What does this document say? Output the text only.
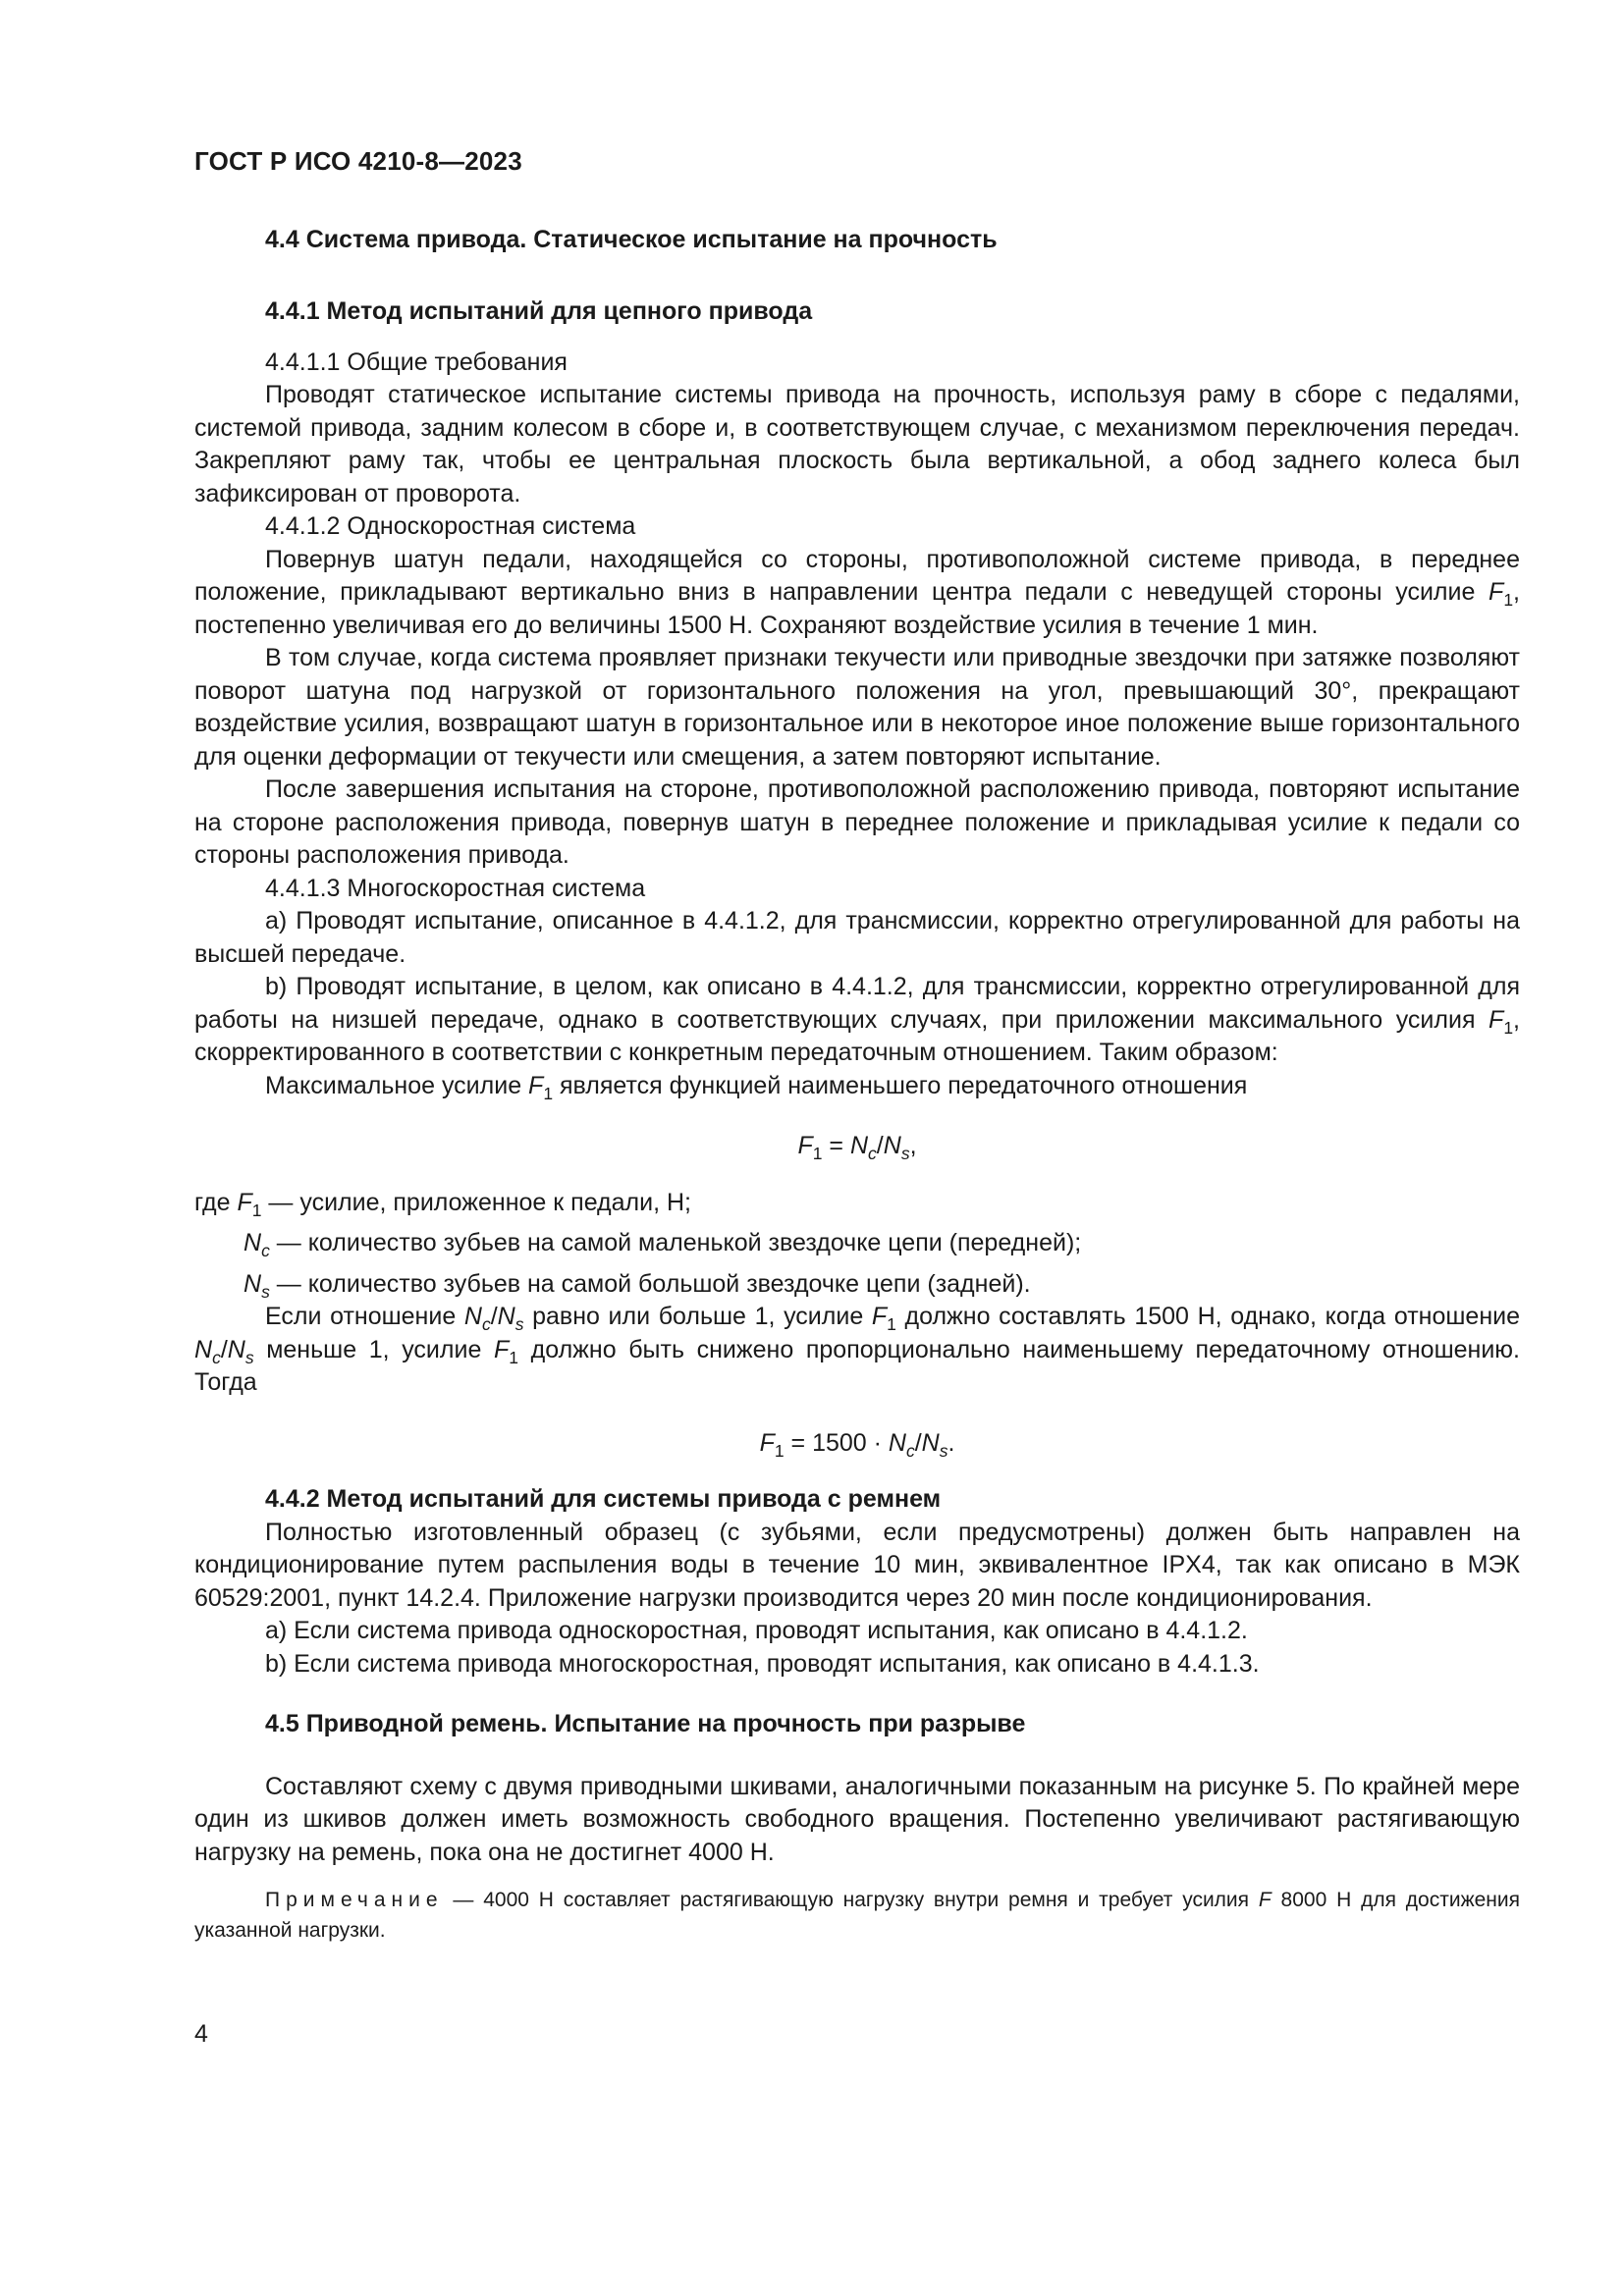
ГОСТ Р ИСО 4210-8—2023
4.4 Система привода. Статическое испытание на прочность
4.4.1 Метод испытаний для цепного привода

4.4.1.1 Общие требования

Проводят статическое испытание системы привода на прочность, используя раму в сборе с педалями, системой привода, задним колесом в сборе и, в соответствующем случае, с механизмом переключения передач. Закрепляют раму так, чтобы ее центральная плоскость была вертикальной, а обод заднего колеса был зафиксирован от проворота.

4.4.1.2 Односкоростная система

Повернув шатун педали, находящейся со стороны, противоположной системе привода, в переднее положение, прикладывают вертикально вниз в направлении центра педали с неведущей стороны усилие $F_1$, постепенно увеличивая его до величины 1500 Н. Сохраняют воздействие усилия в течение 1 мин.

В том случае, когда система проявляет признаки текучести или приводные звездочки при затяжке позволяют поворот шатуна под нагрузкой от горизонтального положения на угол, превышающий 30°, прекращают воздействие усилия, возвращают шатун в горизонтальное или в некоторое иное положение выше горизонтального для оценки деформации от текучести или смещения, а затем повторяют испытание.

После завершения испытания на стороне, противоположной расположению привода, повторяют испытание на стороне расположения привода, повернув шатун в переднее положение и прикладывая усилие к педали со стороны расположения привода.

4.4.1.3 Многоскоростная система

a) Проводят испытание, описанное в 4.4.1.2, для трансмиссии, корректно отрегулированной для работы на высшей передаче.

b) Проводят испытание, в целом, как описано в 4.4.1.2, для трансмиссии, корректно отрегулированной для работы на низшей передаче, однако в соответствующих случаях, при приложении максимального усилия $F_1$, скорректированного в соответствии с конкретным передаточным отношением. Таким образом:

Максимальное усилие $F_1$ является функцией наименьшего передаточного отношения

$F_1 = N_c/N_s$,

где $F_1$ — усилие, приложенное к педали, Н;

$N_c$ — количество зубьев на самой маленькой звездочке цепи (передней);

$N_s$ — количество зубьев на самой большой звездочке цепи (задней).

Если отношение $N_c/N_s$ равно или больше 1, усилие $F_1$ должно составлять 1500 Н, однако, когда отношение $N_c/N_s$ меньше 1, усилие $F_1$ должно быть снижено пропорционально наименьшему передаточному отношению. Тогда

$F_1 = 1500 \cdot N_c/N_s$.
4.4.2 Метод испытаний для системы привода с ремнем

Полностью изготовленный образец (с зубьями, если предусмотрены) должен быть направлен на кондиционирование путем распыления воды в течение 10 мин, эквивалентное IPX4, так как описано в МЭК 60529:2001, пункт 14.2.4. Приложение нагрузки производится через 20 мин после кондиционирования.

a) Если система привода односкоростная, проводят испытания, как описано в 4.4.1.2.

b) Если система привода многоскоростная, проводят испытания, как описано в 4.4.1.3.

4.5 Приводной ремень. Испытание на прочность при разрыве

Составляют схему с двумя приводными шкивами, аналогичными показанным на рисунке 5. По крайней мере один из шкивов должен иметь возможность свободного вращения. Постепенно увеличивают растягивающую нагрузку на ремень, пока она не достигнет 4000 Н.

Примечание — 4000 Н составляет растягивающую нагрузку внутри ремня и требует усилия F 8000 Н для достижения указанной нагрузки.

4
